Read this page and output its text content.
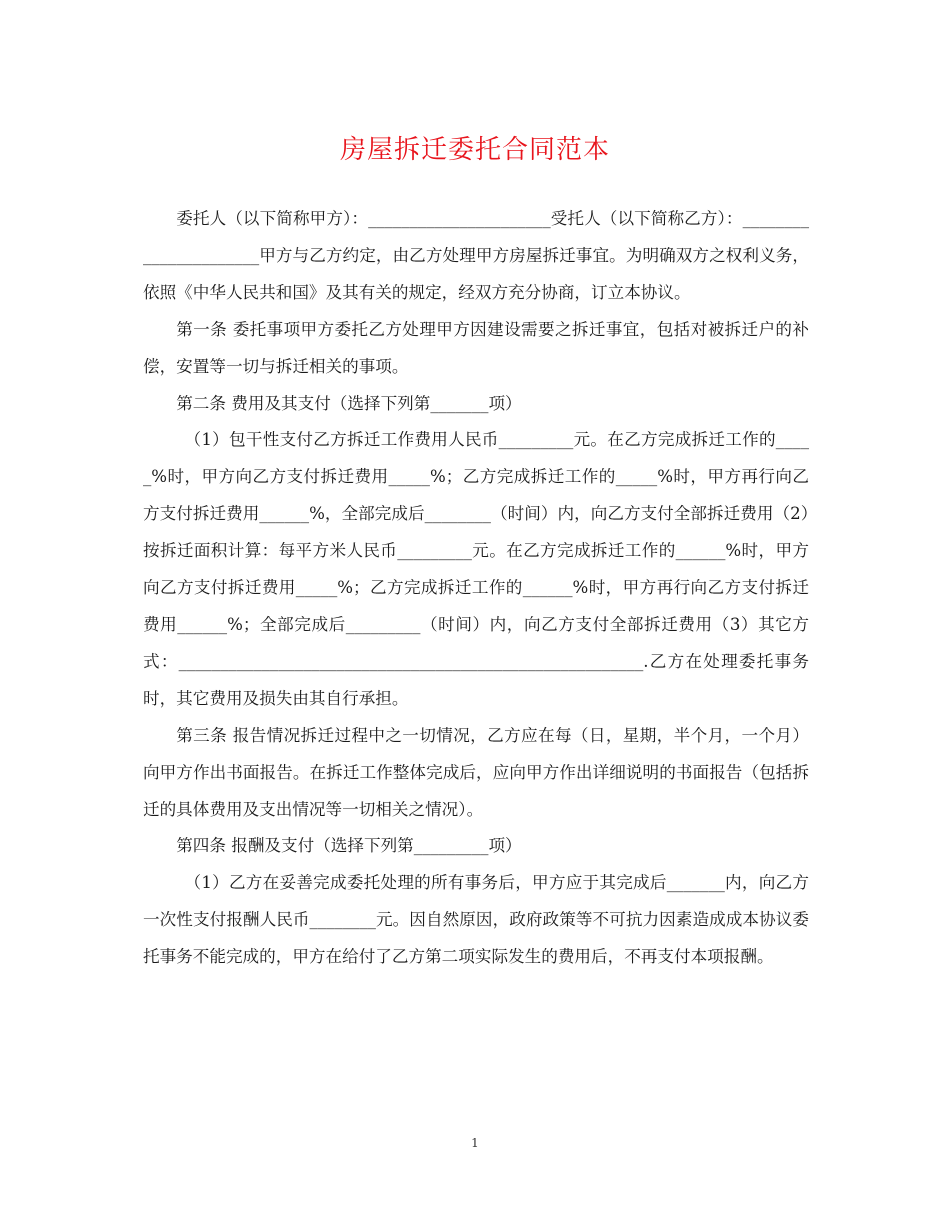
房屋拆迁委托合同范本

委托人（以下简称甲方）：______________________受托人（以下简称乙方）：______________________甲方与乙方约定，由乙方处理甲方房屋拆迁事宜。为明确双方之权利义务，依照《中华人民共和国》及其有关的规定，经双方充分协商，订立本协议。

第一条 委托事项甲方委托乙方处理甲方因建设需要之拆迁事宜，包括对被拆迁户的补偿，安置等一切与拆迁相关的事项。

第二条 费用及其支付（选择下列第_______项）

（1）包干性支付乙方拆迁工作费用人民币_________元。在乙方完成拆迁工作的_____%时，甲方向乙方支付拆迁费用_____%；乙方完成拆迁工作的_____%时，甲方再行向乙方支付拆迁费用______%，全部完成后________（时间）内，向乙方支付全部拆迁费用（2）按拆迁面积计算：每平方米人民币_________元。在乙方完成拆迁工作的______%时，甲方向乙方支付拆迁费用_____%；乙方完成拆迁工作的______%时，甲方再行向乙方支付拆迁费用______%；全部完成后_________（时间）内，向乙方支付全部拆迁费用（3）其它方式：________________________________________________________.乙方在处理委托事务时，其它费用及损失由其自行承担。

第三条 报告情况拆迁过程中之一切情况，乙方应在每（日，星期，半个月，一个月）向甲方作出书面报告。在拆迁工作整体完成后，应向甲方作出详细说明的书面报告（包括拆迁的具体费用及支出情况等一切相关之情况）。

第四条 报酬及支付（选择下列第_________项）

（1）乙方在妥善完成委托处理的所有事务后，甲方应于其完成后_______内，向乙方一次性支付报酬人民币________元。因自然原因，政府政策等不可抗力因素造成成本协议委托事务不能完成的，甲方在给付了乙方第二项实际发生的费用后，不再支付本项报酬。

1
